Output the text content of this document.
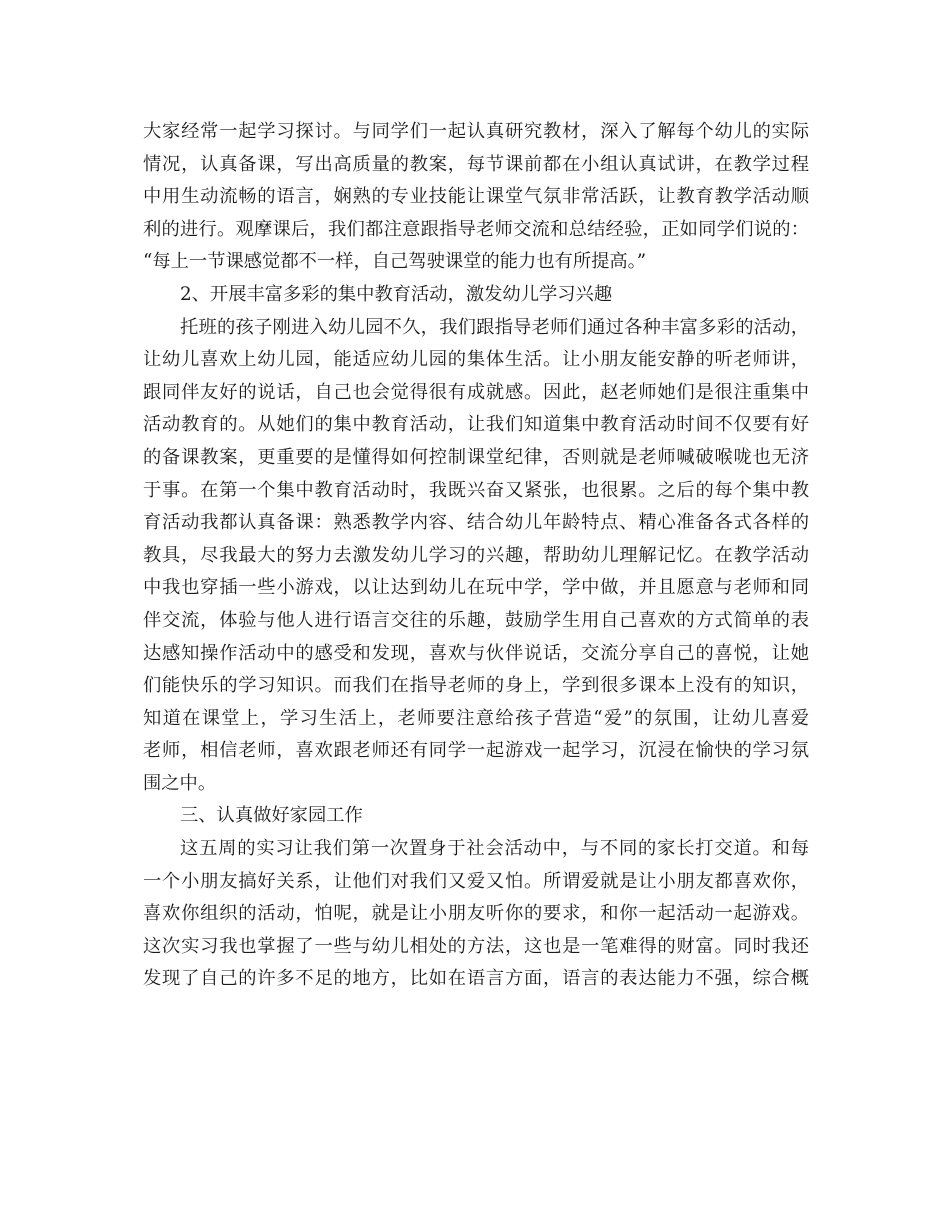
大家经常一起学习探讨。与同学们一起认真研究教材，深入了解每个幼儿的实际
情况，认真备课，写出高质量的教案，每节课前都在小组认真试讲，在教学过程
中用生动流畅的语言，娴熟的专业技能让课堂气氛非常活跃，让教育教学活动顺
利的进行。观摩课后，我们都注意跟指导老师交流和总结经验，正如同学们说的：
“每上一节课感觉都不一样，自己驾驶课堂的能力也有所提高。”
2、开展丰富多彩的集中教育活动，激发幼儿学习兴趣
托班的孩子刚进入幼儿园不久，我们跟指导老师们通过各种丰富多彩的活动，
让幼儿喜欢上幼儿园，能适应幼儿园的集体生活。让小朋友能安静的听老师讲，
跟同伴友好的说话，自己也会觉得很有成就感。因此，赵老师她们是很注重集中
活动教育的。从她们的集中教育活动，让我们知道集中教育活动时间不仅要有好
的备课教案，更重要的是懂得如何控制课堂纪律，否则就是老师喊破喉咙也无济
于事。在第一个集中教育活动时，我既兴奋又紧张，也很累。之后的每个集中教
育活动我都认真备课：熟悉教学内容、结合幼儿年龄特点、精心准备各式各样的
教具，尽我最大的努力去激发幼儿学习的兴趣，帮助幼儿理解记忆。在教学活动
中我也穿插一些小游戏，以让达到幼儿在玩中学，学中做，并且愿意与老师和同
伴交流，体验与他人进行语言交往的乐趣，鼓励学生用自己喜欢的方式简单的表
达感知操作活动中的感受和发现，喜欢与伙伴说话，交流分享自己的喜悦，让她
们能快乐的学习知识。而我们在指导老师的身上，学到很多课本上没有的知识，
知道在课堂上，学习生活上，老师要注意给孩子营造“爱”的氛围，让幼儿喜爱
老师，相信老师，喜欢跟老师还有同学一起游戏一起学习，沉浸在愉快的学习氛
围之中。
三、认真做好家园工作
这五周的实习让我们第一次置身于社会活动中，与不同的家长打交道。和每
一个小朋友搞好关系，让他们对我们又爱又怕。所谓爱就是让小朋友都喜欢你，
喜欢你组织的活动，怕呢，就是让小朋友听你的要求，和你一起活动一起游戏。
这次实习我也掌握了一些与幼儿相处的方法，这也是一笔难得的财富。同时我还
发现了自己的许多不足的地方，比如在语言方面，语言的表达能力不强，综合概
